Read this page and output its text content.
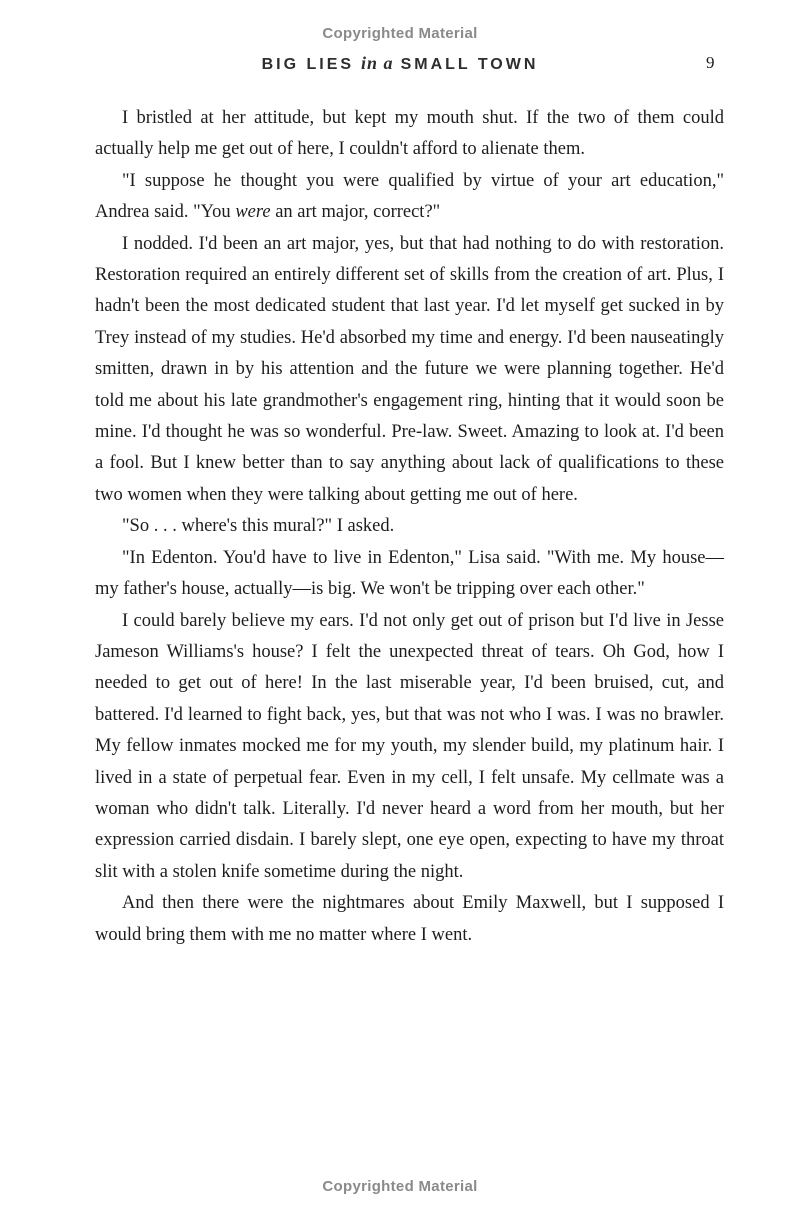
Copyrighted Material
BIG LIES in a SMALL TOWN	9

I bristled at her attitude, but kept my mouth shut. If the two of them could actually help me get out of here, I couldn't afford to alienate them.

"I suppose he thought you were qualified by virtue of your art education," Andrea said. "You were an art major, correct?"

I nodded. I'd been an art major, yes, but that had nothing to do with restoration. Restoration required an entirely different set of skills from the creation of art. Plus, I hadn't been the most dedicated student that last year. I'd let myself get sucked in by Trey instead of my studies. He'd absorbed my time and energy. I'd been nauseatingly smitten, drawn in by his attention and the future we were planning together. He'd told me about his late grandmother's engagement ring, hinting that it would soon be mine. I'd thought he was so wonderful. Pre-law. Sweet. Amazing to look at. I'd been a fool. But I knew better than to say anything about lack of qualifications to these two women when they were talking about getting me out of here.

"So . . . where's this mural?" I asked.

"In Edenton. You'd have to live in Edenton," Lisa said. "With me. My house—my father's house, actually—is big. We won't be tripping over each other."

I could barely believe my ears. I'd not only get out of prison but I'd live in Jesse Jameson Williams's house? I felt the unexpected threat of tears. Oh God, how I needed to get out of here! In the last miserable year, I'd been bruised, cut, and battered. I'd learned to fight back, yes, but that was not who I was. I was no brawler. My fellow inmates mocked me for my youth, my slender build, my platinum hair. I lived in a state of perpetual fear. Even in my cell, I felt unsafe. My cellmate was a woman who didn't talk. Literally. I'd never heard a word from her mouth, but her expression carried disdain. I barely slept, one eye open, expecting to have my throat slit with a stolen knife sometime during the night.

And then there were the nightmares about Emily Maxwell, but I supposed I would bring them with me no matter where I went.

Copyrighted Material
